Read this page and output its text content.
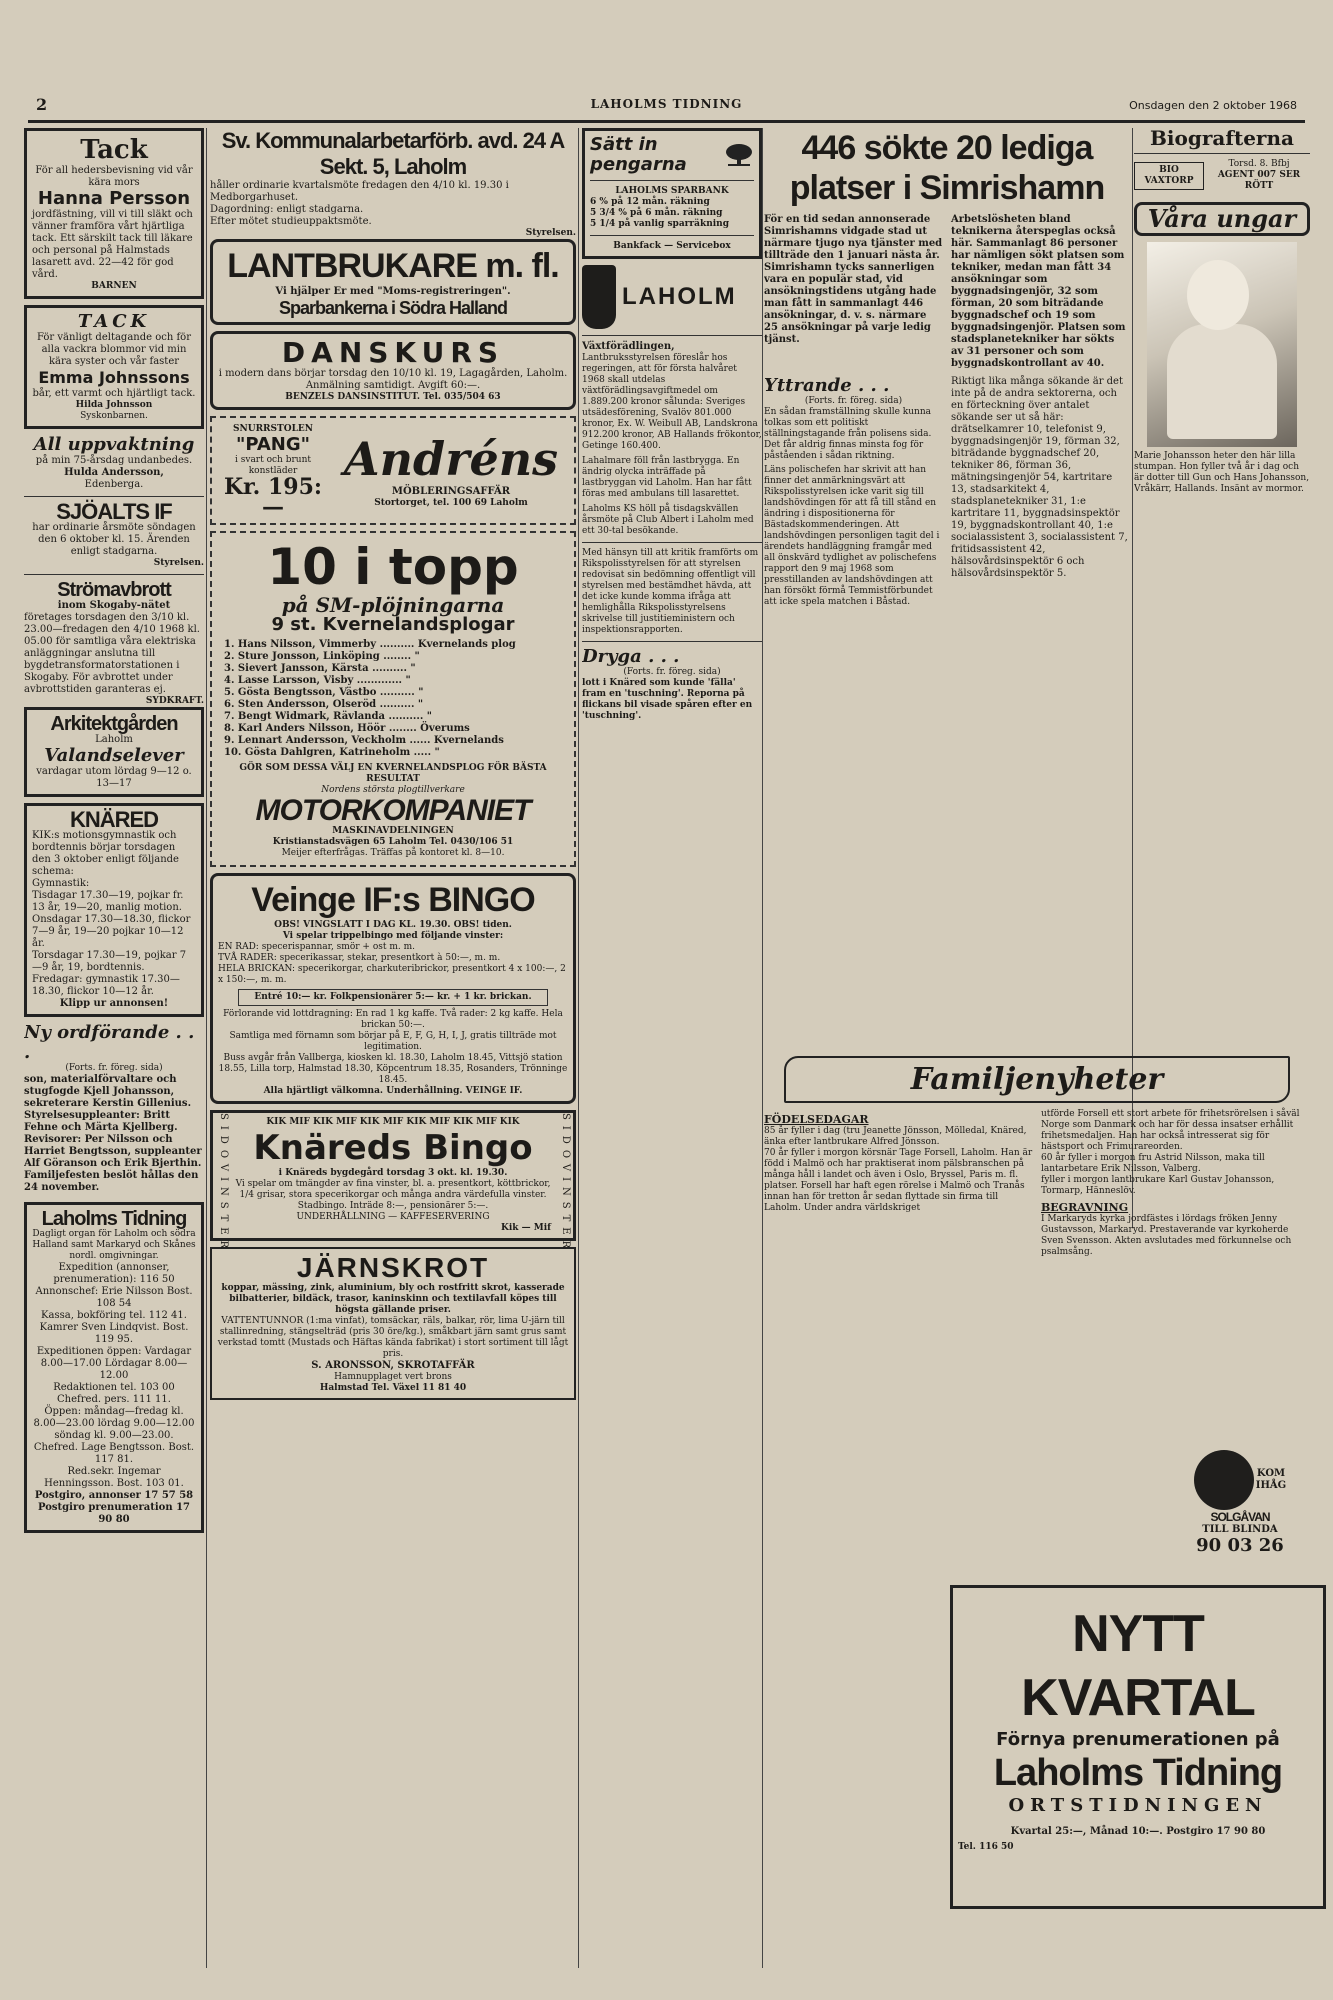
2	LAHOLMS TIDNING	Onsdagen den 2 oktober 1968
Tack
För all hedersbevisning vid vår kära mors
Hanna Persson
jordfästning, vill vi till släkt och vänner framföra vårt hjärtliga tack. Ett särskilt tack till läkare och personal på Halmstads lasarett avd. 22—42 för god vård.
BARNEN
TACK
För vänligt deltagande och för alla vackra blommor vid min kära syster och vår faster
Emma Johnssons
bår, ett varmt och hjärtligt tack.
Hilda Johnsson
Syskonbarnen.
All uppvaktning
på min 75-årsdag undanbedes.
Hulda Andersson,
Edenberga.
SJÖALTS IF
har ordinarie årsmöte söndagen den 6 oktober kl. 15. Ärenden enligt stadgarna.
Styrelsen.
Strömavbrott
inom Skogaby-nätet
företages torsdagen den 3/10 kl. 23.00—fredagen den 4/10 1968 kl. 05.00 för samtliga våra elektriska anläggningar anslutna till bygdetransformatorstationen i Skogaby. För avbrottet under avbrottstiden garanteras ej.
SYDKRAFT.
Arkitektgården
Laholm
Valandselever
vardagar utom lördag 9—12 o. 13—17
KNÄRED
KIK:s motionsgymnastik och bordtennis börjar torsdagen den 3 oktober enligt följande schema:
Gymnastik:
Tisdagar 17.30—19, pojkar fr. 13 år, 19—20, manlig motion.
Onsdagar 17.30—18.30, flickor 7—9 år, 19—20 pojkar 10—12 år.
Torsdagar 17.30—19, pojkar 7—9 år, 19, bordtennis.
Fredagar: gymnastik 17.30—18.30, flickor 10—12 år.
Klipp ur annonsen!
Ny ordförande . . .
(Forts. fr. föreg. sida)
son, materialförvaltare och stugfogde Kjell Johansson, sekreterare Kerstin Gillenius. Styrelsesuppleanter: Britt Fehne och Märta Kjellberg. Revisorer: Per Nilsson och Harriet Bengtsson, suppleanter Alf Göranson och Erik Bjerthin.
Familjefesten beslöt hållas den 24 november.
Laholms Tidning
Dagligt organ för Laholm och södra Halland samt Markaryd och Skånes nordl. omgivningar.
Expedition (annonser, prenumeration): 116 50
Annonschef: Erie Nilsson Bost. 108 54
Kassa, bokföring tel. 112 41.
Kamrer Sven Lindqvist. Bost. 119 95.
Expeditionen öppen: Vardagar 8.00—17.00 Lördagar 8.00—12.00
Redaktionen tel. 103 00
Chefred. pers. 111 11.
Öppen: måndag—fredag kl. 8.00—23.00 lördag 9.00—12.00 söndag kl. 9.00—23.00.
Chefred. Lage Bengtsson. Bost. 117 81.
Red.sekr. Ingemar Henningsson. Bost. 103 01.
Postgiro, annonser 17 57 58
Postgiro prenumeration 17 90 80
Sv. Kommunalarbetarförb. avd. 24 A Sekt. 5, Laholm
håller ordinarie kvartalsmöte fredagen den 4/10 kl. 19.30 i Medborgarhuset.
Dagordning: enligt stadgarna.
Efter mötet studieuppaktsmöte.
Styrelsen.
LANTBRUKARE m. fl.
Vi hjälper Er med "Moms-registreringen".
Sparbankerna i Södra Halland
DANSKURS
i modern dans börjar torsdag den 10/10 kl. 19, Lagagården, Laholm. Anmälning samtidigt. Avgift 60:—.
BENZELS DANSINSTITUT. Tel. 035/504 63
SNURRSTOLEN
"PANG"
i svart och brunt konstläder
Kr. 195:—
Andréns
MÖBLERINGSAFFÄR
Stortorget, tel. 100 69 Laholm
10 i topp
på SM-plöjningarna
9 st. Kvernelandsplogar
1. Hans Nilsson, Vimmerby .......... Kvernelands plog
2. Sture Jonsson, Linköping ........ "
3. Sievert Jansson, Kärsta .......... "
4. Lasse Larsson, Visby ............. "
5. Gösta Bengtsson, Västbo .......... "
6. Sten Andersson, Olseröd .......... "
7. Bengt Widmark, Rävlanda .......... "
8. Karl Anders Nilsson, Höör ........ Överums
9. Lennart Andersson, Veckholm ...... Kvernelands
10. Gösta Dahlgren, Katrineholm ..... "
GÖR SOM DESSA VÄLJ EN KVERNELANDSPLOG FÖR BÄSTA RESULTAT
Nordens största plogtillverkare
MOTORKOMPANIET
MASKINAVDELNINGEN
Kristianstadsvägen 65 Laholm Tel. 0430/106 51
Meijer efterfrågas. Träffas på kontoret kl. 8—10.
Veinge IF:s BINGO
OBS! VINGSLATT I DAG KL. 19.30. OBS! tiden.
Vi spelar trippelbingo med följande vinster:
EN RAD: specerispannar, smör + ost m. m.
TVÅ RADER: specerikassar, stekar, presentkort à 50:—, m. m.
HELA BRICKAN: specerikorgar, charkuteribrickor, presentkort 4 x 100:—, 2 x 150:—, m. m.
Entré 10:— kr. Folkpensionärer 5:— kr. + 1 kr. brickan.
Förlorande vid lottdragning: En rad 1 kg kaffe. Två rader: 2 kg kaffe. Hela brickan 50:—.
Samtliga med förnamn som börjar på E, F, G, H, I, J, gratis tillträde mot legitimation.
Buss avgår från Vallberga, kiosken kl. 18.30, Laholm 18.45, Vittsjö station 18.55, Lilla torp, Halmstad 18.30, Köpcentrum 18.35, Rosanders, Trönninge 18.45.
Alla hjärtligt välkomna. Underhållning. VEINGE IF.
SIDOVINSTER	SIDOVINSTER
KIK MIF KIK MIF KIK MIF KIK MIF KIK MIF KIK
Knäreds Bingo
i Knäreds bygdegård torsdag 3 okt. kl. 19.30.
Vi spelar om tmängder av fina vinster, bl. a. presentkort, köttbrickor, 1/4 grisar, stora specerikorgar och många andra värdefulla vinster.
Stadbingo. Inträde 8:—, pensionärer 5:—.
UNDERHÅLLNING — KAFFESERVERING
Kik — Mif
JÄRNSKROT
koppar, mässing, zink, aluminium, bly och rostfritt skrot, kasserade bilbatterier, bildäck, trasor, kaninskinn och textilavfall köpes till högsta gällande priser.
VATTENTUNNOR (1:ma vinfat), tomsäckar, räls, balkar, rör, lima U-järn till stallinredning, stängselträd (pris 30 öre/kg.), småkbart järn samt grus samt verkstad tomtt (Mustads och Häftas kända fabrikat) i stort sortiment till lågt pris.
S. ARONSSON, SKROTAFFÄR
Hamnupplaget vert brons
Halmstad Tel. Växel 11 81 40
Sätt in pengarna
LAHOLMS SPARBANK
6 % på 12 mån. räkning
5 3/4 % på 6 mån. räkning
5 1/4 på vanlig sparräkning
Bankfack — Servicebox
LAHOLM
Växtförädlingen,
Lantbruksstyrelsen föreslår hos regeringen, att för första halvåret 1968 skall utdelas växtförädlingsavgiftmedel om 1.889.200 kronor sålunda: Sveriges utsädesförening, Svalöv 801.000 kronor, Ex. W. Weibull AB, Landskrona 912.200 kronor, AB Hallands frökontor, Getinge 160.400.
Lahalmare föll från lastbrygga. En ändrig olycka inträffade på lastbryggan vid Laholm. Han har fått föras med ambulans till lasarettet.
Laholms KS höll på tisdagskvällen årsmöte på Club Albert i Laholm med ett 30-tal besökande.
Med hänsyn till att kritik framförts om Rikspolisstyrelsen för att styrelsen redovisat sin bedömning offentligt vill styrelsen med bestämdhet hävda, att det icke kunde komma ifråga att hemlighålla Rikspolisstyrelsens skrivelse till justitieministern och inspektionsrapporten.
Dryga . . .
(Forts. fr. föreg. sida)
lott i Knäred som kunde 'fälla' fram en 'tuschning'. Reporna på flickans bil visade spåren efter en 'tuschning'.
446 sökte 20 lediga platser i Simrishamn
För en tid sedan annonserade Simrishamns vidgade stad ut närmare tjugo nya tjänster med tillträde den 1 januari nästa år. Simrishamn tycks sannerligen vara en populär stad, vid ansökningstidens utgång hade man fått in sammanlagt 446 ansökningar, d. v. s. närmare 25 ansökningar på varje ledig tjänst.
Arbetslösheten bland teknikerna återspeglas också här. Sammanlagt 86 personer har nämligen sökt platsen som tekniker, medan man fått 34 ansökningar som byggnadsingenjör, 32 som förman, 20 som biträdande byggnadschef och 19 som byggnadsingenjör. Platsen som stadsplanetekniker har sökts av 31 personer och som byggnadskontrollant av 40.
Yttrande . . .
(Forts. fr. föreg. sida)
En sådan framställning skulle kunna tolkas som ett politiskt ställningstagande från polisens sida. Det får aldrig finnas minsta fog för påståenden i sådan riktning.
Läns polischefen har skrivit att han finner det anmärkningsvärt att Rikspolisstyrelsen icke varit sig till landshövdingen för att få till stånd en ändring i dispositionerna för Bästadskommenderingen. Att landshövdingen personligen tagit del i ärendets handläggning framgår med all önskvärd tydlighet av polischefens rapport den 9 maj 1968 som presstillanden av landshövdingen att han försökt förmå Temmistförbundet att icke spela matchen i Båstad.
Riktigt lika många sökande är det inte på de andra sektorerna, och en förteckning över antalet sökande ser ut så här: drätselkamrer 10, telefonist 9, byggnadsingenjör 19, förman 32, biträdande byggnadschef 20, tekniker 86, förman 36, mätningsingenjör 54, kartritare 13, stadsarkitekt 4, stadsplanetekniker 31, 1:e kartritare 11, byggnadsinspektör 19, byggnadskontrollant 40, 1:e socialassistent 3, socialassistent 7, fritidsassistent 42, hälsovårdsinspektör 6 och hälsovårdsinspektör 5.
Biografterna
BIO VAXTORP
Torsd. 8. Bfbj
AGENT 007 SER RÖTT
Våra ungar
Marie Johansson heter den här lilla stumpan. Hon fyller två år i dag och är dotter till Gun och Hans Johansson, Vråkärr, Hallands. Insänt av mormor.
Familjenyheter
FÖDELSEDAGAR
85 år fyller i dag (tru Jeanette Jönsson, Mölledal, Knäred, änka efter lantbrukare Alfred Jönsson.
70 år fyller i morgon körsnär Tage Forsell, Laholm. Han är född i Malmö och har praktiserat inom pälsbranschen på många håll i landet och även i Oslo, Bryssel, Paris m. fl. platser. Forsell har haft egen rörelse i Malmö och Tranås innan han för tretton år sedan flyttade sin firma till Laholm. Under andra världskriget
utförde Forsell ett stort arbete för frihetsrörelsen i såväl Norge som Danmark och har för dessa insatser erhållit frihetsmedaljen. Han har också intresserat sig för hästsport och Frimurareorden.
60 år fyller i morgon fru Astrid Nilsson, maka till lantarbetare Erik Nilsson, Valberg.
fyller i morgon lantbrukare Karl Gustav Johansson, Tormarp, Hänneslöv.
BEGRAVNING
I Markaryds kyrka jordfästes i lördags fröken Jenny Gustavsson, Markaryd. Prestaverande var kyrkoherde Sven Svensson. Akten avslutades med förkunnelse och psalmsång.
KOM
IHÅG
SOLGÅVAN
TILL BLINDA
90 03 26
NYTT KVARTAL
Förnya prenumerationen på
Laholms Tidning
ORTSTIDNINGEN
Kvartal 25:—, Månad 10:—. Postgiro 17 90 80
Tel. 116 50
